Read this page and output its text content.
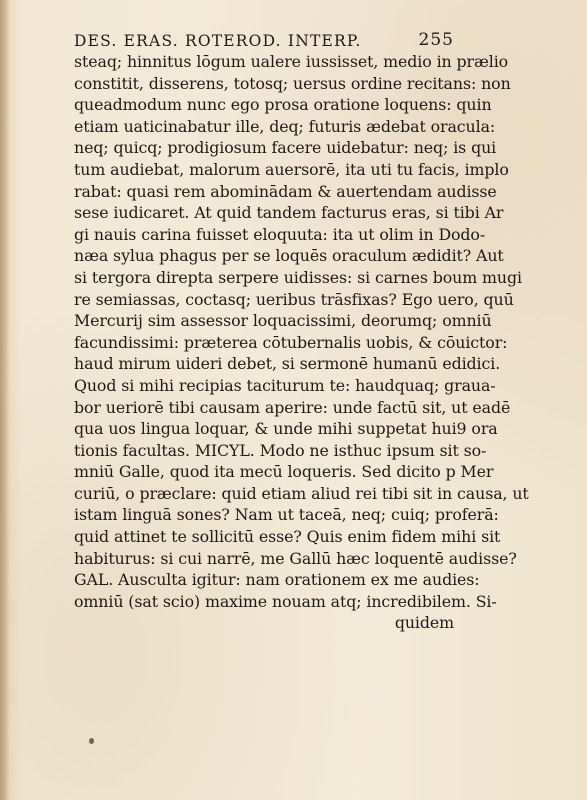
DES. ERAS. ROTEROD. INTERP.	255
steaq; hinnitus lōgum ualere iussisset, medio in prælio
constitit, disserens, totosq; uersus ordine recitans: non
queadmodum nunc ego prosa oratione loquens: quin
etiam uaticinabatur ille, deq; futuris ædebat oracula:
neq; quicq; prodigiosum facere uidebatur: neq; is qui
tum audiebat, malorum auersorē, ita uti tu facis, implo
rabat: quasi rem abominādam & auertendam audisse
sese iudicaret. At quid tandem facturus eras, si tibi Ar
gi nauis carina fuisset eloquuta: ita ut olim in Dodo-
næa sylua phagus per se loquēs oraculum ædidit? Aut
si tergora direpta serpere uidisses: si carnes boum mugi
re semiassas, coctasq; ueribus trāsfixas? Ego uero, quū
Mercurij sim assessor loquacissimi, deorumq; omniū
facundissimi: præterea cōtubernalis uobis, & cōuictor:
haud mirum uideri debet, si sermonē humanū edidici.
Quod si mihi recipias taciturum te: haudquaq; graua-
bor ueriorē tibi causam aperire: unde factū sit, ut eadē
qua uos lingua loquar, & unde mihi suppetat hui9 ora
tionis facultas. MICYL. Modo ne isthuc ipsum sit so-
mniū Galle, quod ita mecū loqueris. Sed dicito p Mer
curiū, o præclare: quid etiam aliud rei tibi sit in causa, ut
istam linguā sones? Nam ut taceā, neq; cuiq; proferā:
quid attinet te sollicitū esse? Quis enim fidem mihi sit
habiturus: si cui narrē, me Gallū hæc loquentē audisse?
GAL. Ausculta igitur: nam orationem ex me audies:
omniū (sat scio) maxime nouam atq; incredibilem. Si-
quidem
